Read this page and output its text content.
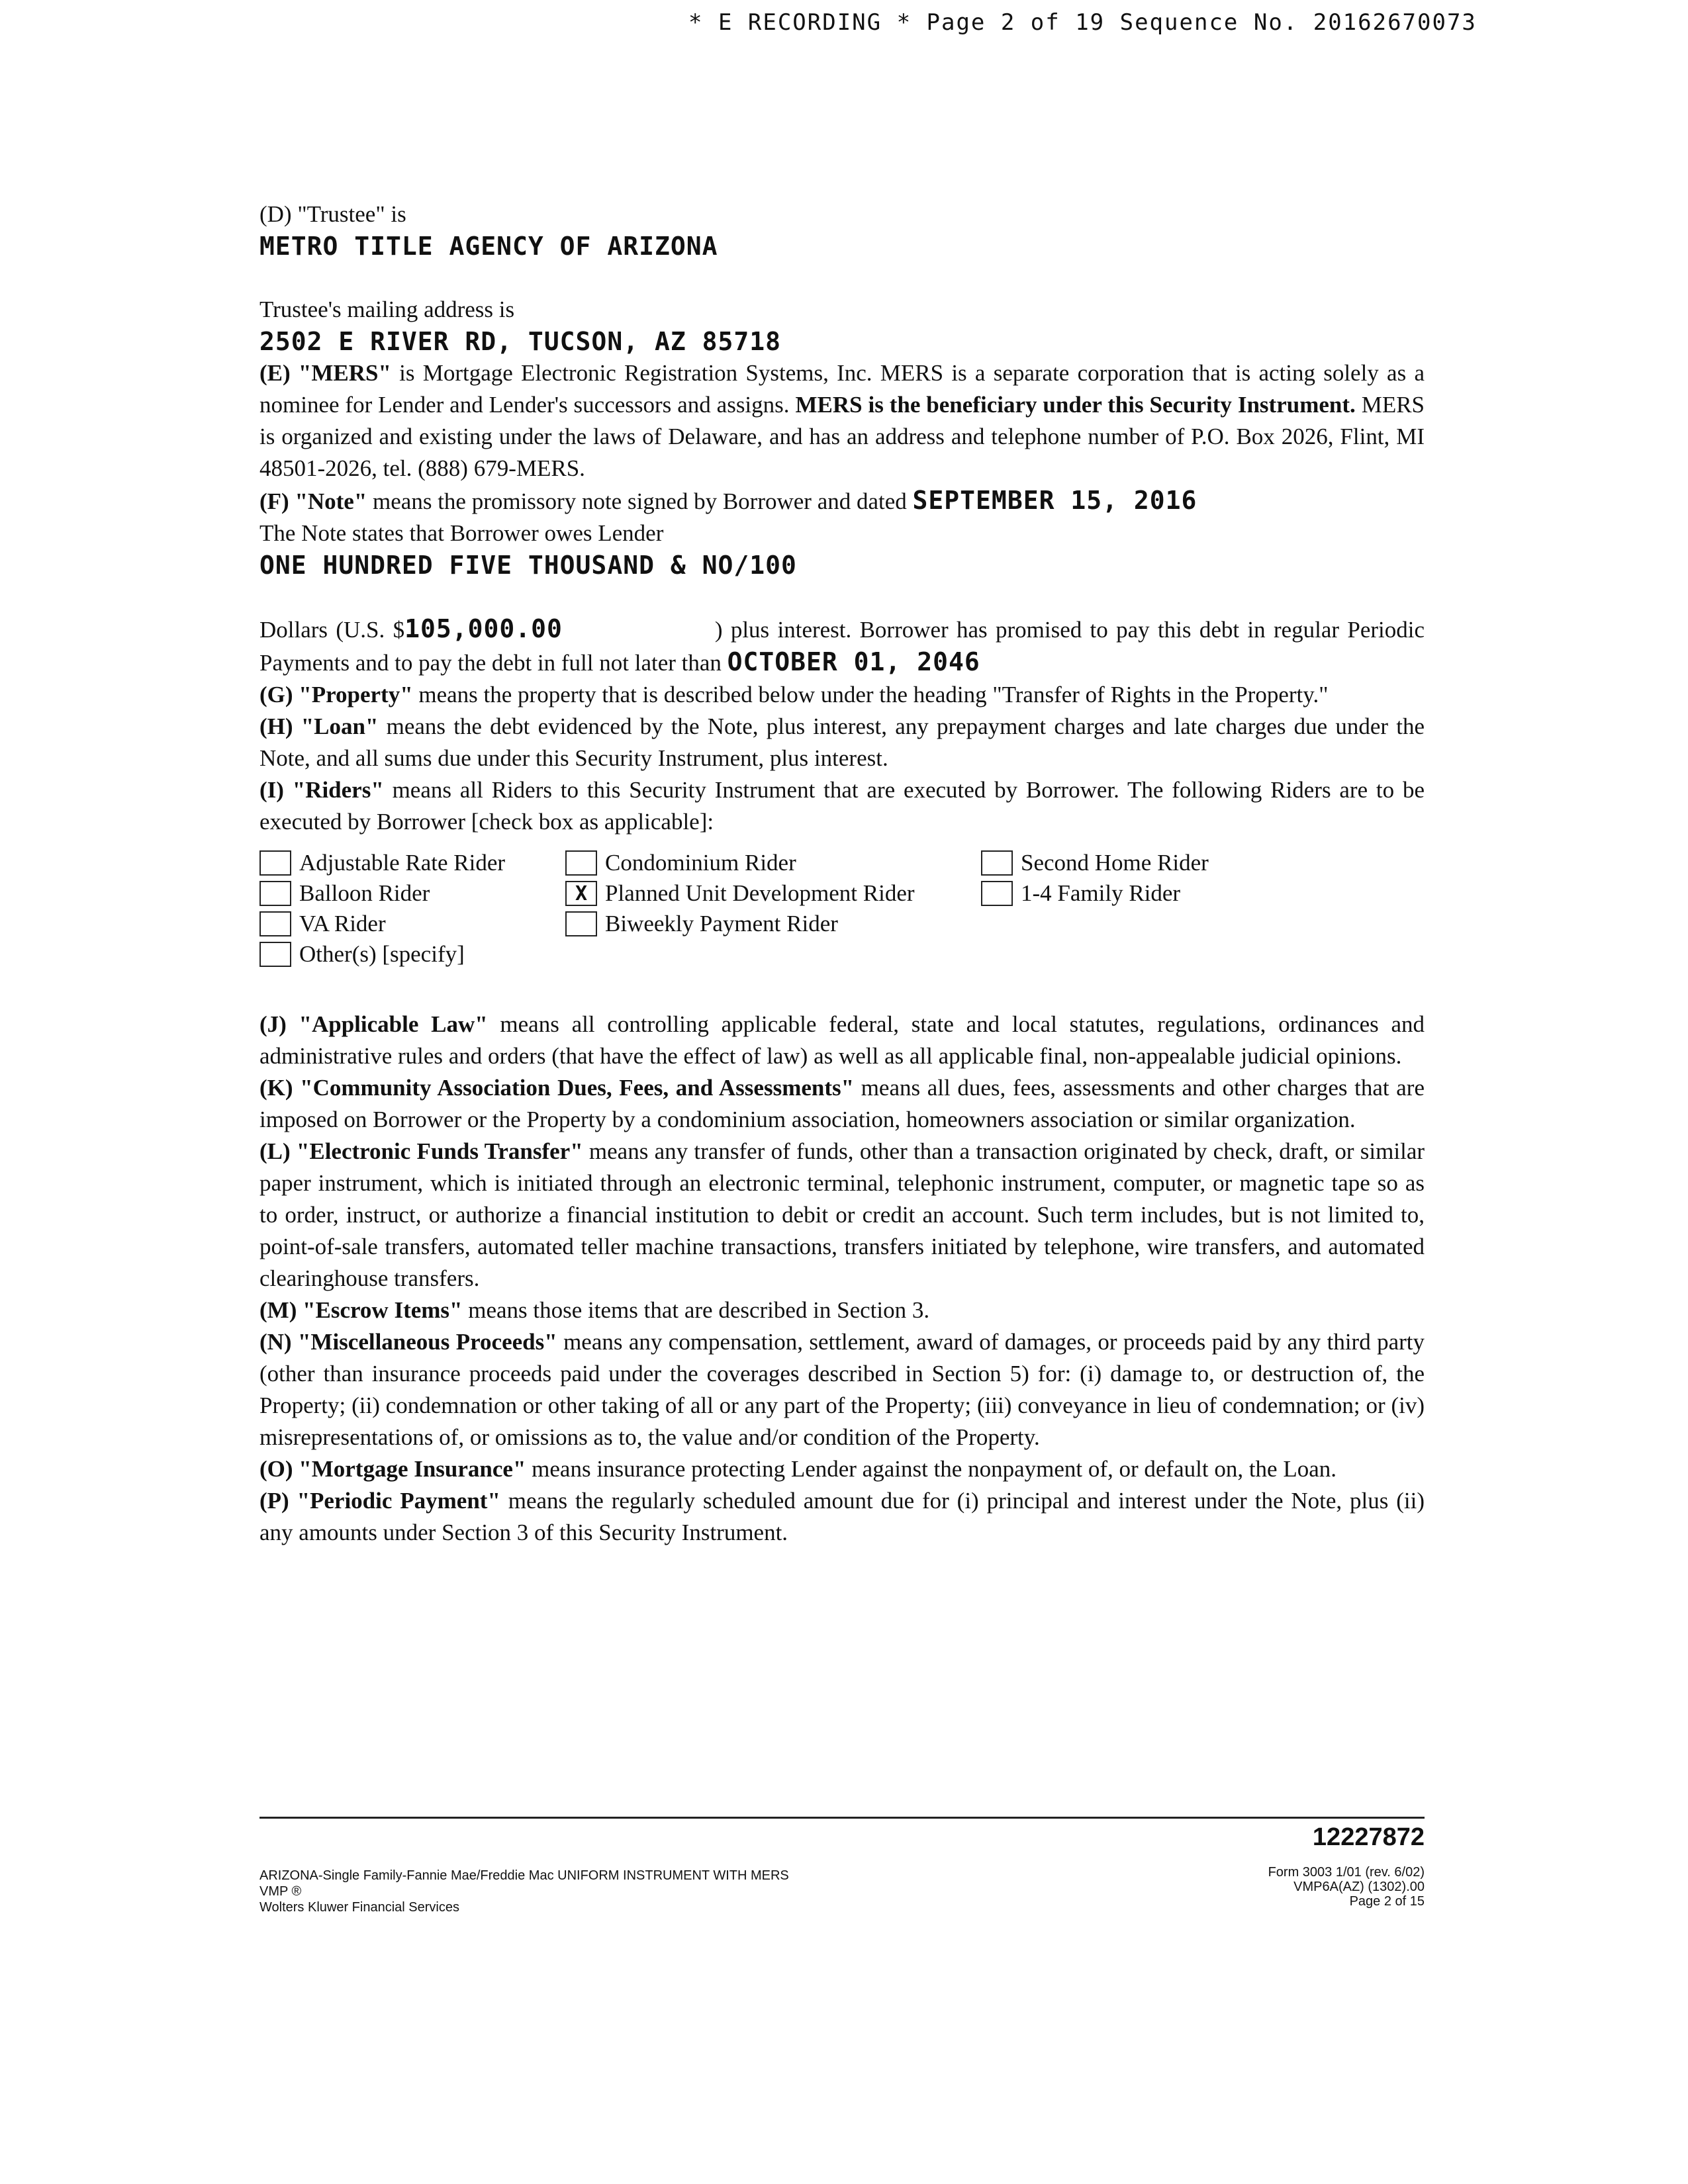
* E RECORDING * Page 2 of 19 Sequence No. 20162670073

(D) "Trustee" is

METRO TITLE AGENCY OF ARIZONA

Trustee's mailing address is

2502 E RIVER RD, TUCSON, AZ 85718

(E) "MERS" is Mortgage Electronic Registration Systems, Inc. MERS is a separate corporation that is acting solely as a nominee for Lender and Lender's successors and assigns. MERS is the beneficiary under this Security Instrument. MERS is organized and existing under the laws of Delaware, and has an address and telephone number of P.O. Box 2026, Flint, MI 48501-2026, tel. (888) 679-MERS.

(F) "Note" means the promissory note signed by Borrower and dated SEPTEMBER 15, 2016

The Note states that Borrower owes Lender

ONE HUNDRED FIVE THOUSAND & NO/100

Dollars (U.S. $105,000.00	) plus interest. Borrower has promised to pay this debt in regular Periodic Payments and to pay the debt in full not later than OCTOBER 01, 2046

(G) "Property" means the property that is described below under the heading "Transfer of Rights in the Property."

(H) "Loan" means the debt evidenced by the Note, plus interest, any prepayment charges and late charges due under the Note, and all sums due under this Security Instrument, plus interest.

(I) "Riders" means all Riders to this Security Instrument that are executed by Borrower. The following Riders are to be executed by Borrower [check box as applicable]:

Adjustable Rate Rider
Balloon Rider
VA Rider
Other(s) [specify]
Condominium Rider
X Planned Unit Development Rider
Biweekly Payment Rider
Second Home Rider
1-4 Family Rider

(J) "Applicable Law" means all controlling applicable federal, state and local statutes, regulations, ordinances and administrative rules and orders (that have the effect of law) as well as all applicable final, non-appealable judicial opinions.

(K) "Community Association Dues, Fees, and Assessments" means all dues, fees, assessments and other charges that are imposed on Borrower or the Property by a condominium association, homeowners association or similar organization.

(L) "Electronic Funds Transfer" means any transfer of funds, other than a transaction originated by check, draft, or similar paper instrument, which is initiated through an electronic terminal, telephonic instrument, computer, or magnetic tape so as to order, instruct, or authorize a financial institution to debit or credit an account. Such term includes, but is not limited to, point-of-sale transfers, automated teller machine transactions, transfers initiated by telephone, wire transfers, and automated clearinghouse transfers.

(M) "Escrow Items" means those items that are described in Section 3.

(N) "Miscellaneous Proceeds" means any compensation, settlement, award of damages, or proceeds paid by any third party (other than insurance proceeds paid under the coverages described in Section 5) for: (i) damage to, or destruction of, the Property; (ii) condemnation or other taking of all or any part of the Property; (iii) conveyance in lieu of condemnation; or (iv) misrepresentations of, or omissions as to, the value and/or condition of the Property.

(O) "Mortgage Insurance" means insurance protecting Lender against the nonpayment of, or default on, the Loan.

(P) "Periodic Payment" means the regularly scheduled amount due for (i) principal and interest under the Note, plus (ii) any amounts under Section 3 of this Security Instrument.

12227872
ARIZONA-Single Family-Fannie Mae/Freddie Mac UNIFORM INSTRUMENT WITH MERS
VMP ®
Wolters Kluwer Financial Services
Form 3003 1/01 (rev. 6/02)
VMP6A(AZ) (1302).00
Page 2 of 15
